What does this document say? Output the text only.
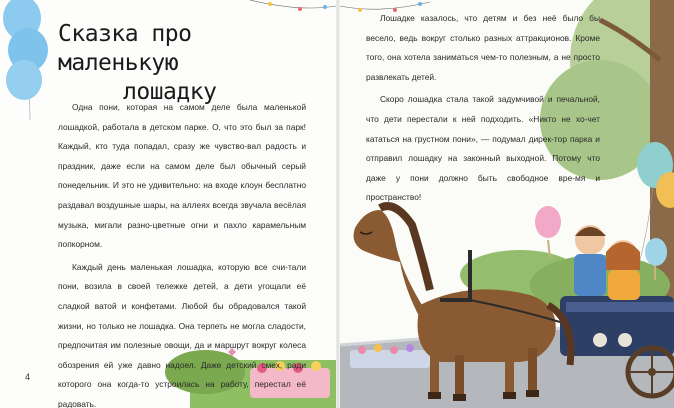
Сказка про маленькую
лошадку

Одна пони, которая на самом деле была маленькой лошадкой, работала в детском парке. О, что это был за парк! Каждый, кто туда попадал, сразу же чувство-вал радость и праздник, даже если на самом деле был обычный серый понедельник. И это не удивительно: на входе клоун бесплатно раздавал воздушные шары, на аллеях всегда звучала весёлая музыка, мигали разно-цветные огни и пахло карамельным попкорном.

Каждый день маленькая лошадка, которую все счи-тали пони, возила в своей тележке детей, а дети угощали её сладкой ватой и конфетами. Любой бы обрадовался такой жизни, но только не лошадка. Она терпеть не могла сладости, предпочитая им полезные овощи, да и маршрут вокруг колеса обозрения ей уже давно надоел. Даже детский смех, ради которого она когда-то устроилась на работу, перестал её радовать.

Лошадке казалось, что детям и без неё было бы весело, ведь вокруг столько разных аттракционов. Кроме того, она хотела заниматься чем-то полезным, а не просто развлекать детей.

Скоро лошадка стала такой задумчивой и печальной, что дети перестали к ней подходить. «Никто не хо-чет кататься на грустном пони», — подумал дирек-тор парка и отправил лошадку на законный выходной. Потому что даже у пони должно быть свободное вре-мя и пространство!

4
